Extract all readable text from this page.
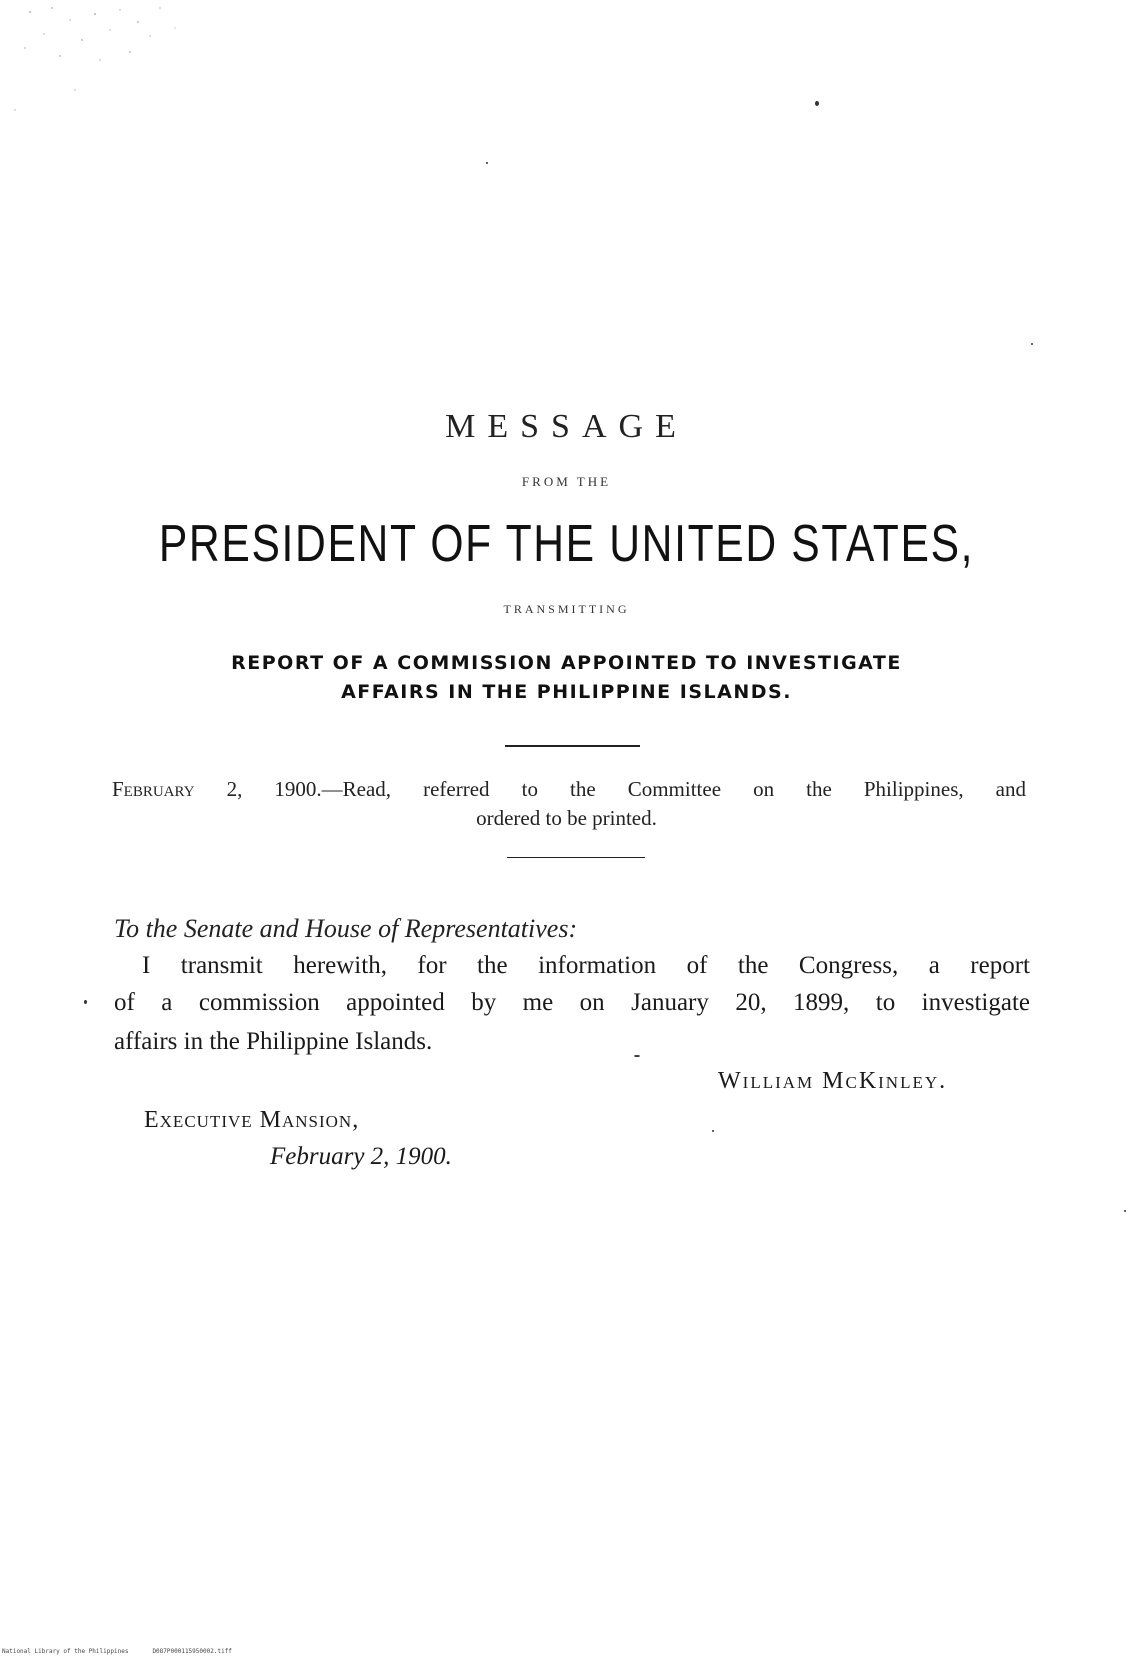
MESSAGE
FROM THE
PRESIDENT OF THE UNITED STATES,
TRANSMITTING
REPORT OF A COMMISSION APPOINTED TO INVESTIGATE
AFFAIRS IN THE PHILIPPINE ISLANDS.
February 2, 1900.—Read, referred to the Committee on the Philippines, and
ordered to be printed.
To the Senate and House of Representatives:
I transmit herewith, for the information of the Congress, a report
of a commission appointed by me on January 20, 1899, to investigate
affairs in the Philippine Islands.
William McKinley.
Executive Mansion,
February 2, 1900.
National Library of the Philippines	D087P000115950002.tiff
